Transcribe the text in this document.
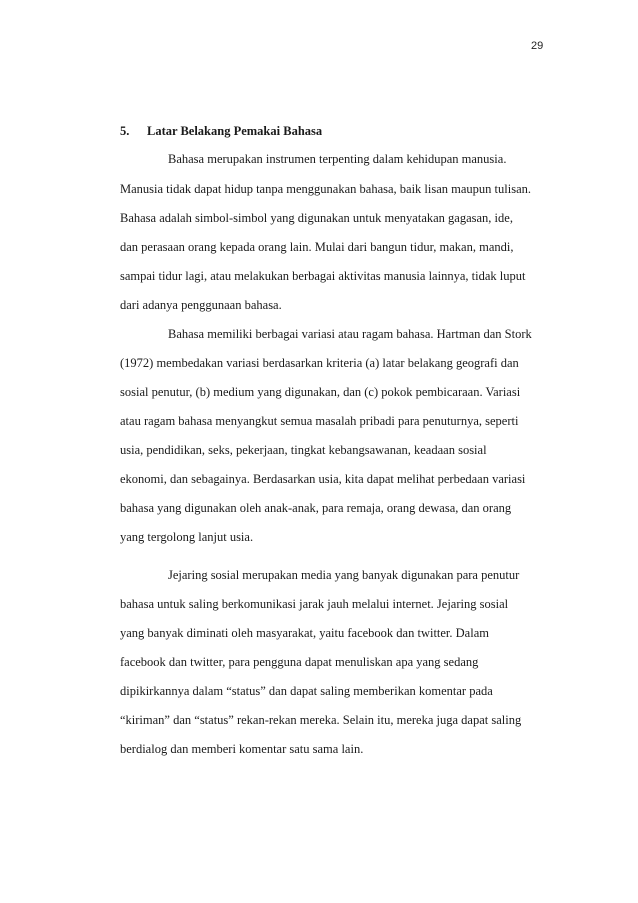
29
5. Latar Belakang Pemakai Bahasa
Bahasa merupakan instrumen terpenting dalam kehidupan manusia.
Manusia tidak dapat hidup tanpa menggunakan bahasa, baik lisan maupun tulisan.
Bahasa adalah simbol-simbol yang digunakan untuk menyatakan gagasan, ide,
dan perasaan orang kepada orang lain. Mulai dari bangun tidur, makan, mandi,
sampai tidur lagi, atau melakukan berbagai aktivitas manusia lainnya, tidak luput
dari adanya penggunaan bahasa.
Bahasa memiliki berbagai variasi atau ragam bahasa. Hartman dan Stork
(1972) membedakan variasi berdasarkan kriteria (a) latar belakang geografi dan
sosial penutur, (b) medium yang digunakan, dan (c) pokok pembicaraan. Variasi
atau ragam bahasa menyangkut semua masalah pribadi para penuturnya, seperti
usia, pendidikan, seks, pekerjaan, tingkat kebangsawanan, keadaan sosial
ekonomi, dan sebagainya. Berdasarkan usia, kita dapat melihat perbedaan variasi
bahasa yang digunakan oleh anak-anak, para remaja, orang dewasa, dan orang
yang tergolong lanjut usia.
Jejaring sosial merupakan media yang banyak digunakan para penutur
bahasa untuk saling berkomunikasi jarak jauh melalui internet. Jejaring sosial
yang banyak diminati oleh masyarakat, yaitu facebook dan twitter. Dalam
facebook dan twitter, para pengguna dapat menuliskan apa yang sedang
dipikirkannya dalam “status” dan dapat saling memberikan komentar pada
“kiriman” dan “status” rekan-rekan mereka. Selain itu, mereka juga dapat saling
berdialog dan memberi komentar satu sama lain.
